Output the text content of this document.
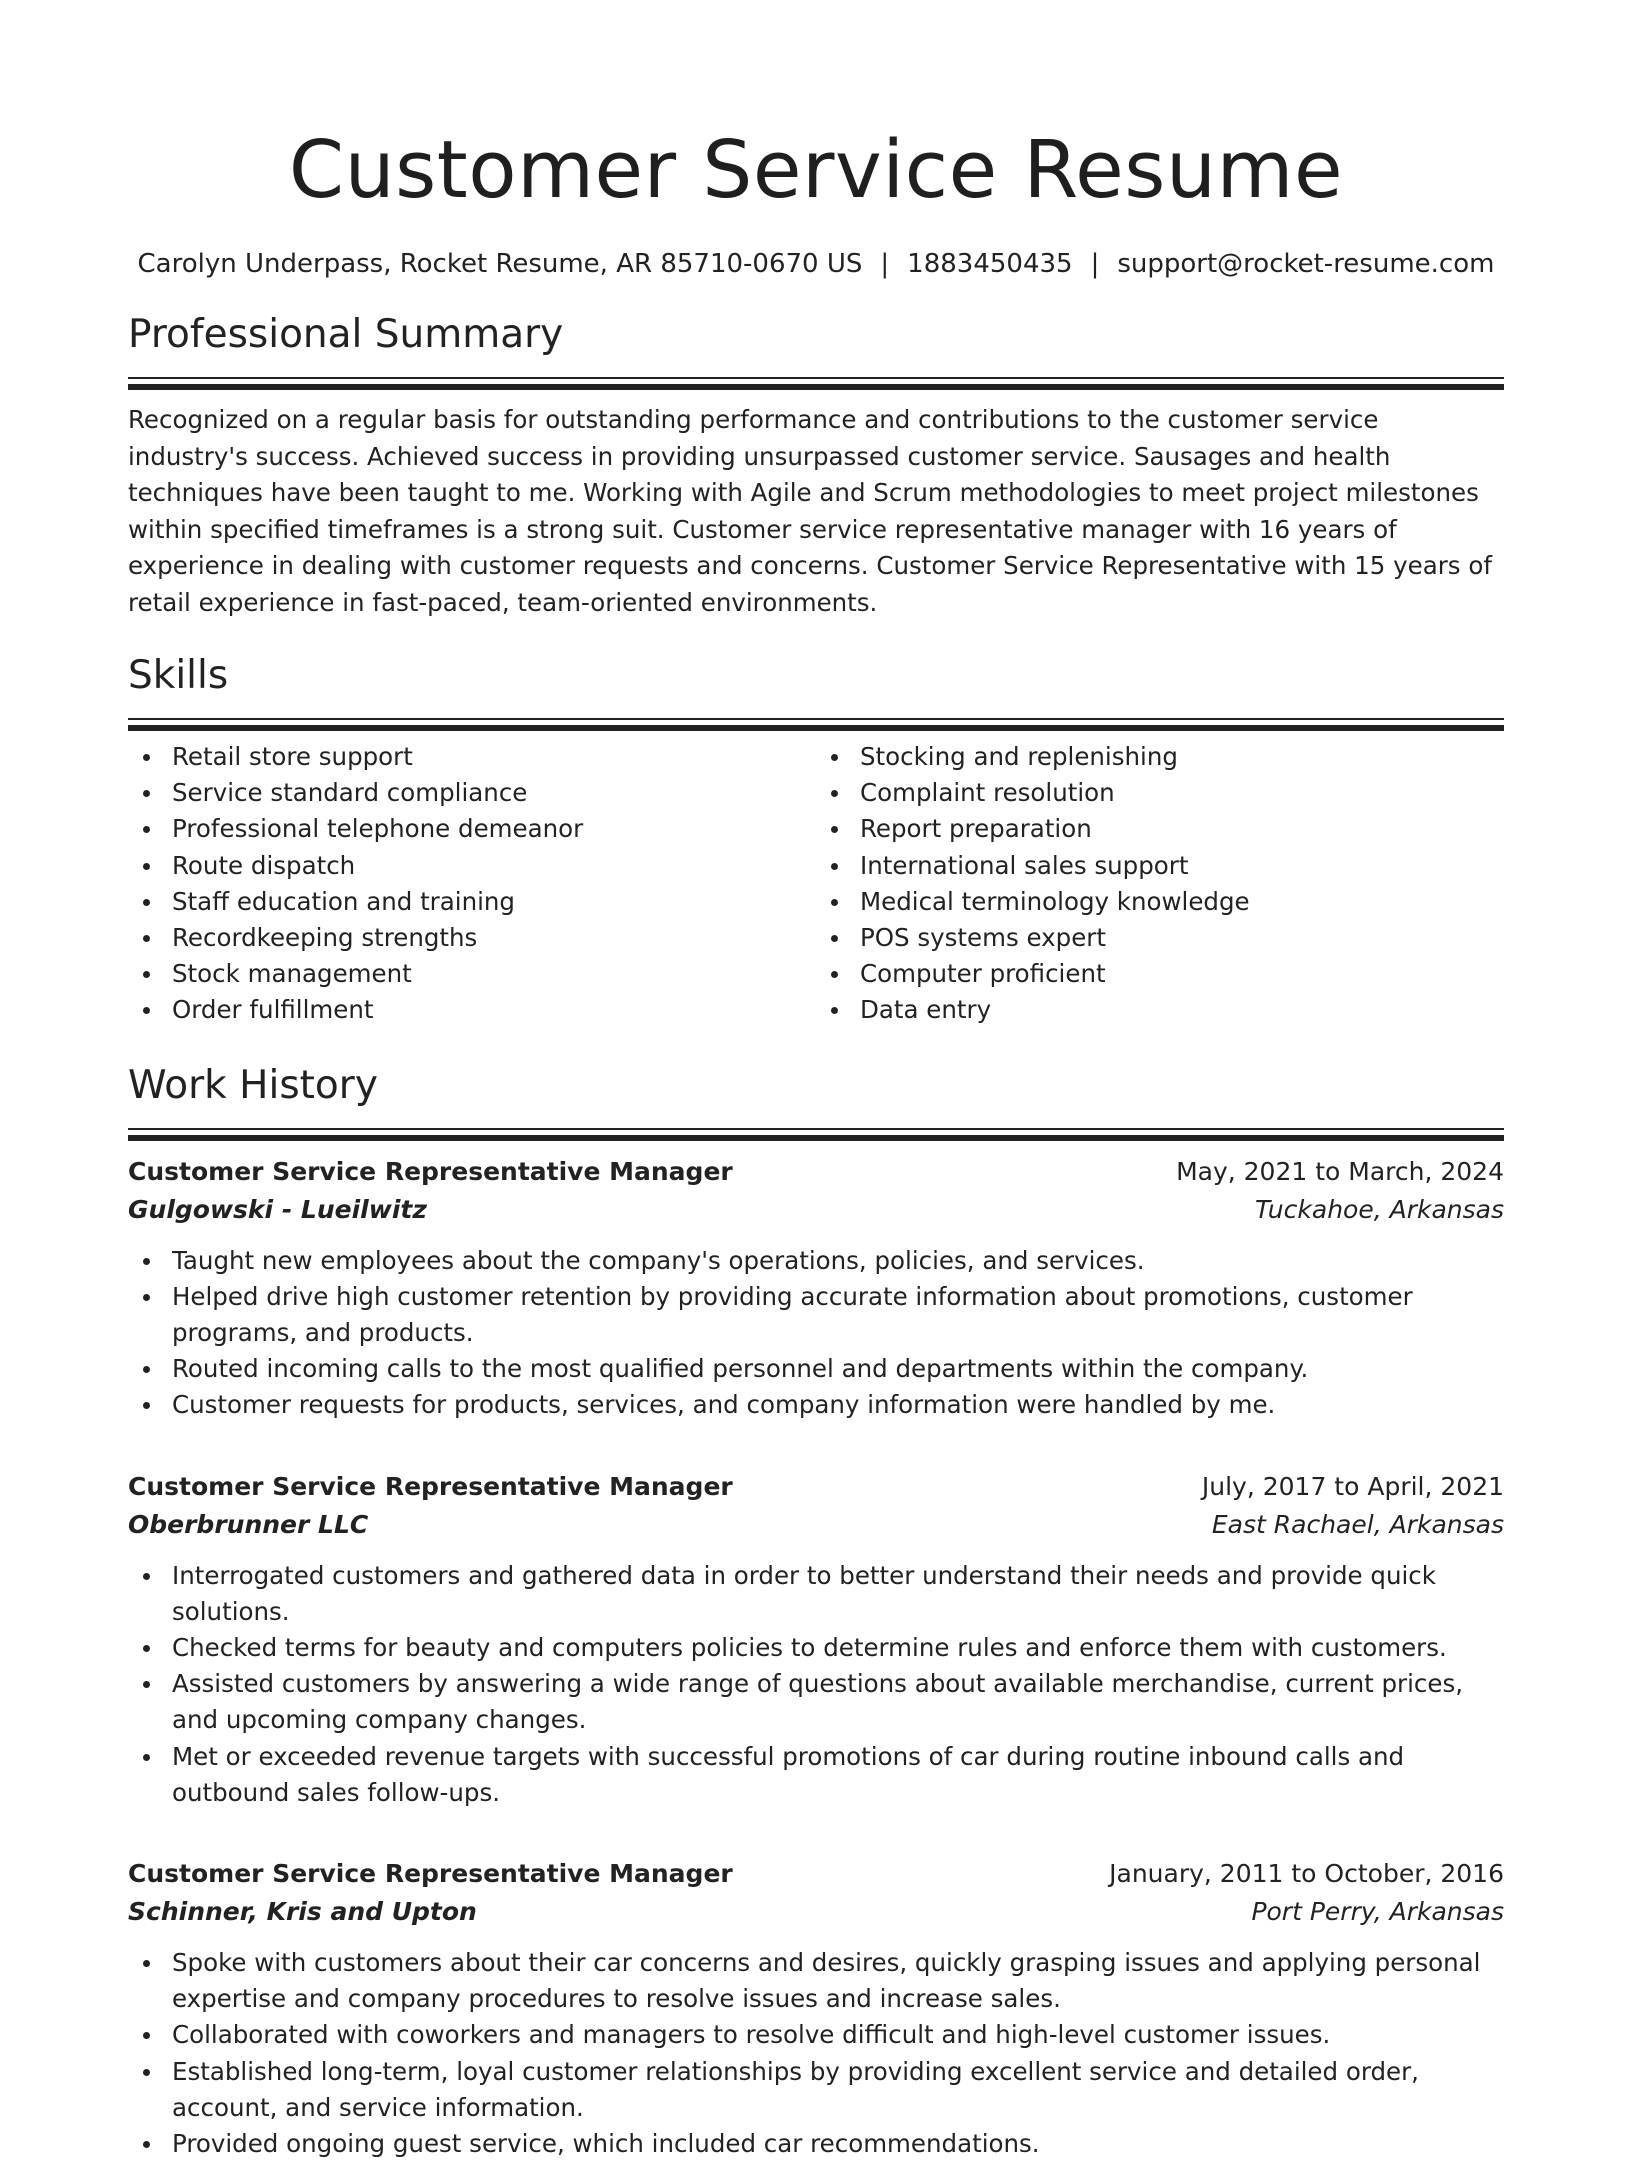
Customer Service Resume
Carolyn Underpass, Rocket Resume, AR 85710-0670 US | 1883450435 | support@rocket-resume.com
Professional Summary

Recognized on a regular basis for outstanding performance and contributions to the customer service industry's success. Achieved success in providing unsurpassed customer service. Sausages and health techniques have been taught to me. Working with Agile and Scrum methodologies to meet project milestones within specified timeframes is a strong suit. Customer service representative manager with 16 years of experience in dealing with customer requests and concerns. Customer Service Representative with 15 years of retail experience in fast-paced, team-oriented environments.

Skills
Retail store support
Service standard compliance
Professional telephone demeanor
Route dispatch
Staff education and training
Recordkeeping strengths
Stock management
Order fulfillment
Stocking and replenishing
Complaint resolution
Report preparation
International sales support
Medical terminology knowledge
POS systems expert
Computer proficient
Data entry
Work History
Customer Service Representative Manager	May, 2021 to March, 2024
Gulgowski - Lueilwitz	Tuckahoe, Arkansas
Taught new employees about the company's operations, policies, and services.
Helped drive high customer retention by providing accurate information about promotions, customer programs, and products.
Routed incoming calls to the most qualified personnel and departments within the company.
Customer requests for products, services, and company information were handled by me.
Customer Service Representative Manager	July, 2017 to April, 2021
Oberbrunner LLC	East Rachael, Arkansas
Interrogated customers and gathered data in order to better understand their needs and provide quick solutions.
Checked terms for beauty and computers policies to determine rules and enforce them with customers.
Assisted customers by answering a wide range of questions about available merchandise, current prices, and upcoming company changes.
Met or exceeded revenue targets with successful promotions of car during routine inbound calls and outbound sales follow-ups.
Customer Service Representative Manager	January, 2011 to October, 2016
Schinner, Kris and Upton	Port Perry, Arkansas
Spoke with customers about their car concerns and desires, quickly grasping issues and applying personal expertise and company procedures to resolve issues and increase sales.
Collaborated with coworkers and managers to resolve difficult and high-level customer issues.
Established long-term, loyal customer relationships by providing excellent service and detailed order, account, and service information.
Provided ongoing guest service, which included car recommendations.
